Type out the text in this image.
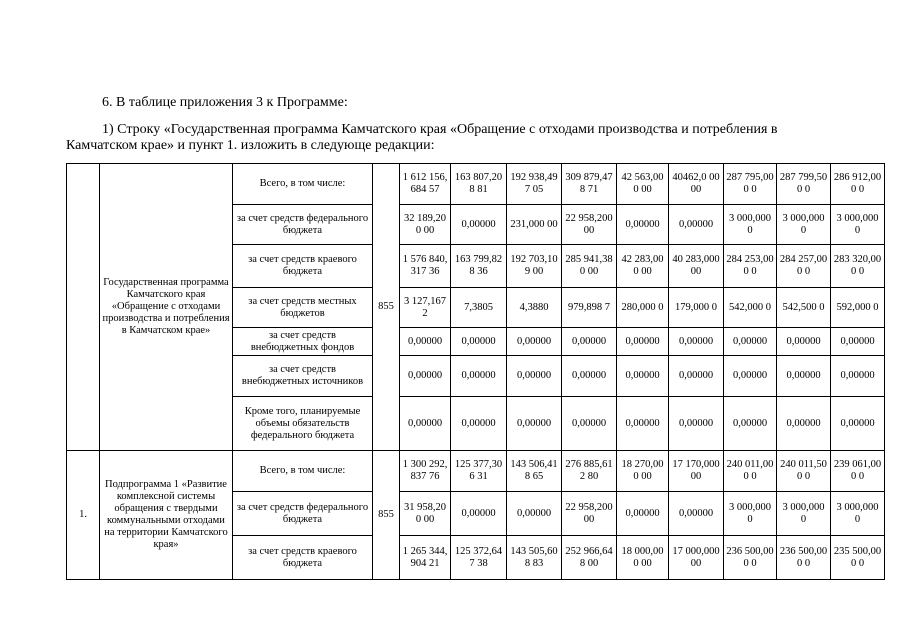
6. В таблице приложения 3 к Программе:

1) Строку «Государственная программа Камчатского края «Обращение с отходами производства и потребления в

Камчатском крае» и пункт 1. изложить в следующе редакции:

	Государственная программа Камчатского края «Обращение с отходами производства и потребления в Камчатском крае»	Всего, в том числе:	855	1 612 156,684 57	163 807,208 81	192 938,497 05	309 879,478 71	42 563,000 00	40462,0 0000	287 795,000 0	287 799,500 0	286 912,000 0
		за счет средств федерального бюджета		32 189,200 00	0,00000	231,000 00	22 958,200 00	0,00000	0,00000	3 000,000 0	3 000,000 0	3 000,000 0
		за счет средств краевого бюджета		1 576 840,317 36	163 799,828 36	192 703,109 00	285 941,380 00	42 283,000 00	40 283,000 00	284 253,000 0	284 257,000 0	283 320,000 0
		за счет средств местных бюджетов		3 127,167 2	7,3805	4,3880	979,898 7	280,000 0	179,000 0	542,000 0	542,500 0	592,000 0
		за счет средств внебюджетных фондов		0,00000	0,00000	0,00000	0,00000	0,00000	0,00000	0,00000	0,00000	0,00000
		за счет средств внебюджетных источников		0,00000	0,00000	0,00000	0,00000	0,00000	0,00000	0,00000	0,00000	0,00000
		Кроме того, планируемые объемы обязательств федерального бюджета		0,00000	0,00000	0,00000	0,00000	0,00000	0,00000	0,00000	0,00000	0,00000
1.	Подпрограмма 1 «Развитие комплексной системы обращения с твердыми коммунальными отходами на территории Камчатского края»	Всего, в том числе:	855	1 300 292,837 76	125 377,306 31	143 506,418 65	276 885,612 80	18 270,000 00	17 170,000 00	240 011,000 0	240 011,500 0	239 061,000 0
		за счет средств федерального бюджета		31 958,200 00	0,00000	0,00000	22 958,200 00	0,00000	0,00000	3 000,000 0	3 000,000 0	3 000,000 0
		за счет средств краевого бюджета		1 265 344,904 21	125 372,647 38	143 505,608 83	252 966,648 00	18 000,000 00	17 000,000 00	236 500,000 0	236 500,000 0	235 500,000 0
